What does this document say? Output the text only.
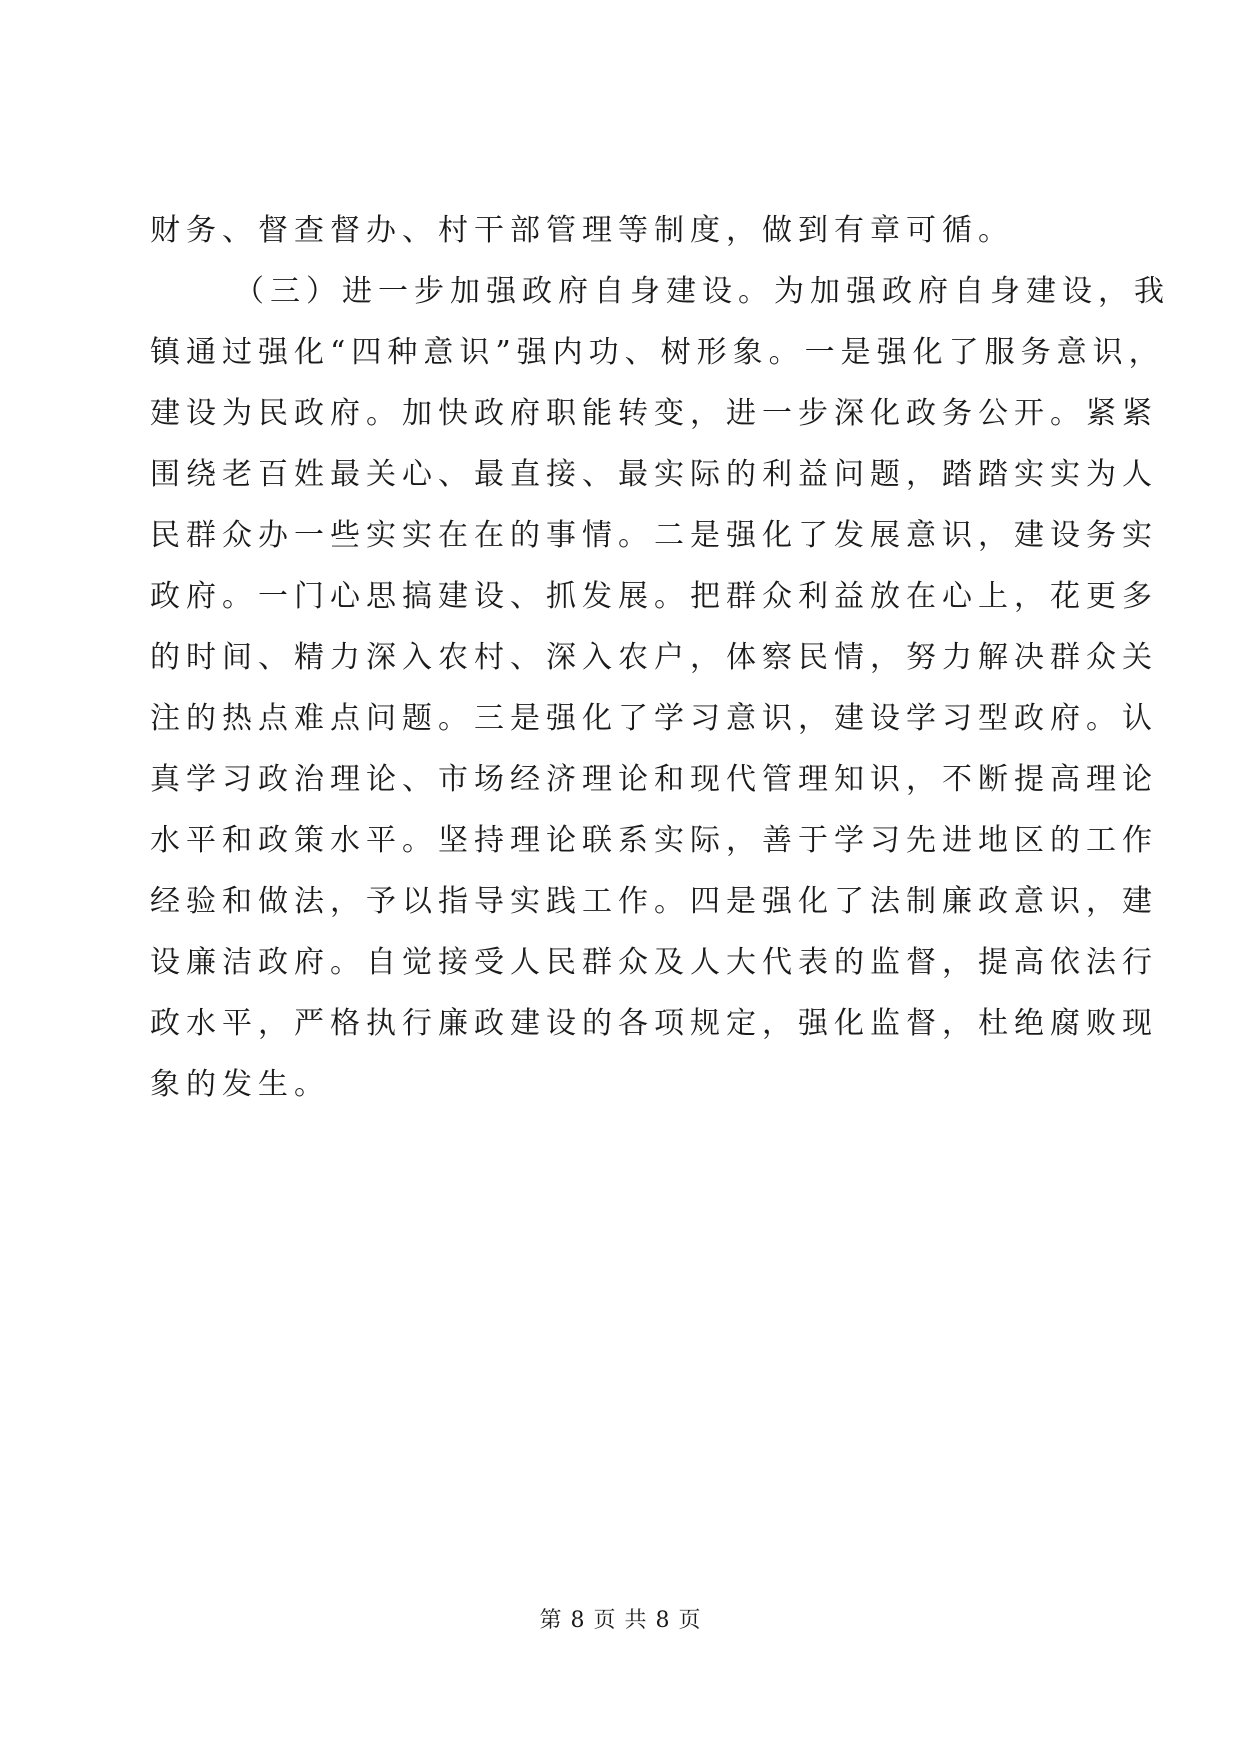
财务、督查督办、村干部管理等制度，做到有章可循。
（三）进一步加强政府自身建设。为加强政府自身建设，我
镇通过强化“四种意识”强内功、树形象。一是强化了服务意识，
建设为民政府。加快政府职能转变，进一步深化政务公开。紧紧
围绕老百姓最关心、最直接、最实际的利益问题，踏踏实实为人
民群众办一些实实在在的事情。二是强化了发展意识，建设务实
政府。一门心思搞建设、抓发展。把群众利益放在心上，花更多
的时间、精力深入农村、深入农户，体察民情，努力解决群众关
注的热点难点问题。三是强化了学习意识，建设学习型政府。认
真学习政治理论、市场经济理论和现代管理知识，不断提高理论
水平和政策水平。坚持理论联系实际，善于学习先进地区的工作
经验和做法，予以指导实践工作。四是强化了法制廉政意识，建
设廉洁政府。自觉接受人民群众及人大代表的监督，提高依法行
政水平，严格执行廉政建设的各项规定，强化监督，杜绝腐败现
象的发生。
第 8 页 共 8 页
